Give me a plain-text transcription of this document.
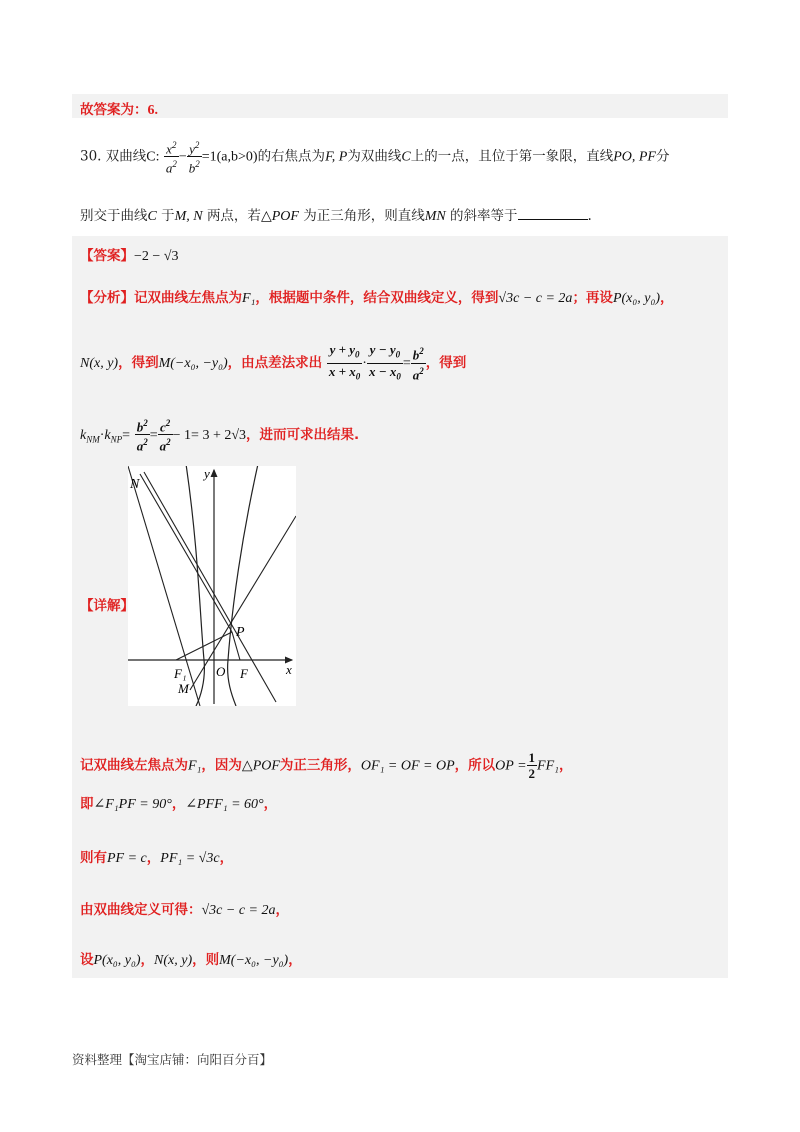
故答案为：6.
30. 双曲线C: $\frac{x^2}{a^2} - \frac{y^2}{b^2} =1(a,b>0)$的右焦点为F, P为双曲线C上的一点，且位于第一象限，直线PO, PF分
别交于曲线C 于M, N 两点，若△POF 为正三角形，则直线MN 的斜率等于	.
【答案】−2 − √3
【分析】记双曲线左焦点为F₁，根据题中条件，结合双曲线定义，得到√3c − c = 2a；再设P(x₀, y₀)，
N(x, y)，得到M(−x₀, −y₀)，由点差法求出 $\frac{y + y_0}{x + x_0} \cdot \frac{y - y_0}{x - x_0} = \frac{b^2}{a^2}$ ，得到
$k_{NM}\cdot k_{NP}= \frac{b^2}{a^2} = \frac{c^2}{a^2} - 1= 3 + 2√3$，进而可求出结果.
N
y
P
F₁ O F	x
M
【详解】
记双曲线左焦点为F₁，因为△POF为正三角形，OF₁ = OF = OP，所以OP = $\frac{1}{2} FF_1$，
即∠F₁PF = 90°，∠PFF₁ = 60°，
则有PF = c，PF₁ = √3c，
由双曲线定义可得：√3c − c = 2a，
设P(x₀, y₀)，N(x, y)，则M(−x₀, −y₀)，
资料整理【淘宝店铺：向阳百分百】
